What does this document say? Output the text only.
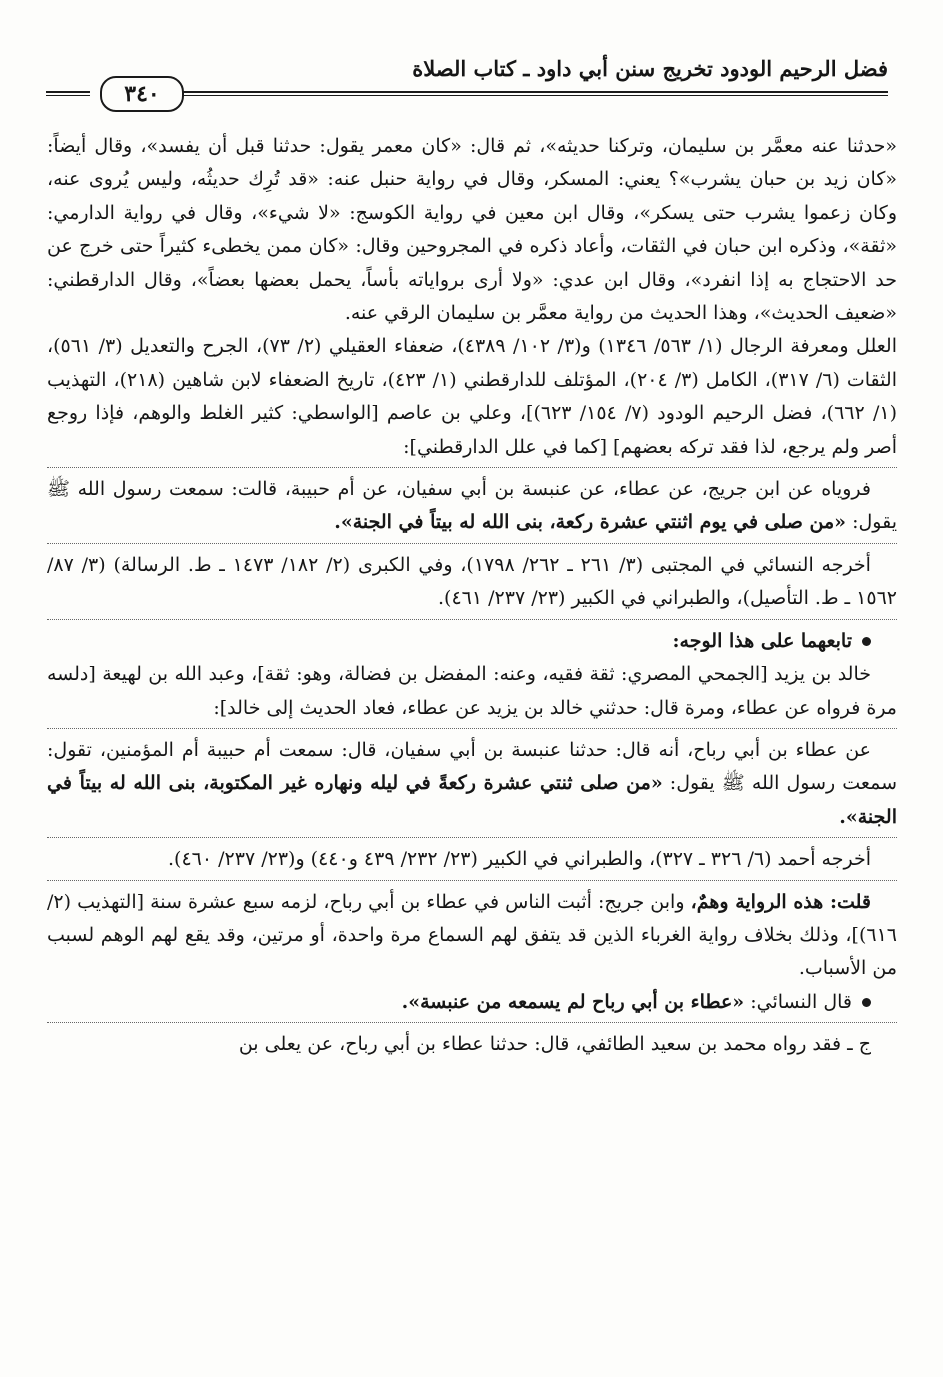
فضل الرحيم الودود تخريج سنن أبي داود ـ كتاب الصلاة
٣٤٠

«حدثنا عنه معمَّر بن سليمان، وتركنا حديثه»، ثم قال: «كان معمر يقول: حدثنا قبل أن يفسد»، وقال أيضاً: «كان زيد بن حبان يشرب»؟ يعني: المسكر، وقال في رواية حنبل عنه: «قد تُرِك حديثُه، وليس يُروى عنه، وكان زعموا يشرب حتى يسكر»، وقال ابن معين في رواية الكوسج: «لا شيء»، وقال في رواية الدارمي: «ثقة»، وذكره ابن حبان في الثقات، وأعاد ذكره في المجروحين وقال: «كان ممن يخطىء كثيراً حتى خرج عن حد الاحتجاج به إذا انفرد»، وقال ابن عدي: «ولا أرى برواياته بأساً، يحمل بعضها بعضاً»، وقال الدارقطني: «ضعيف الحديث»، وهذا الحديث من رواية معمَّر بن سليمان الرقي عنه.

العلل ومعرفة الرجال (١/ ٥٦٣/ ١٣٤٦) و(٣/ ١٠٢/ ٤٣٨٩)، ضعفاء العقيلي (٢/ ٧٣)، الجرح والتعديل (٣/ ٥٦١)، الثقات (٦/ ٣١٧)، الكامل (٣/ ٢٠٤)، المؤتلف للدارقطني (١/ ٤٢٣)، تاريخ الضعفاء لابن شاهين (٢١٨)، التهذيب (١/ ٦٦٢)، فضل الرحيم الودود (٧/ ١٥٤/ ٦٢٣)]، وعلي بن عاصم [الواسطي: كثير الغلط والوهم، فإذا روجع أصر ولم يرجع، لذا فقد تركه بعضهم] [كما في علل الدارقطني]:

فروياه عن ابن جريج، عن عطاء، عن عنبسة بن أبي سفيان، عن أم حبيبة، قالت: سمعت رسول الله ﷺ يقول: «من صلى في يوم اثنتي عشرة ركعة، بنى الله له بيتاً في الجنة».

أخرجه النسائي في المجتبى (٣/ ٢٦١ ـ ٢٦٢/ ١٧٩٨)، وفي الكبرى (٢/ ١٨٢/ ١٤٧٣ ـ ط. الرسالة) (٣/ ٨٧/ ١٥٦٢ ـ ط. التأصيل)، والطبراني في الكبير (٢٣/ ٢٣٧/ ٤٦١).

تابعهما على هذا الوجه:

خالد بن يزيد [الجمحي المصري: ثقة فقيه، وعنه: المفضل بن فضالة، وهو: ثقة]، وعبد الله بن لهيعة [دلسه مرة فرواه عن عطاء، ومرة قال: حدثني خالد بن يزيد عن عطاء، فعاد الحديث إلى خالد]:

عن عطاء بن أبي رباح، أنه قال: حدثنا عنبسة بن أبي سفيان، قال: سمعت أم حبيبة أم المؤمنين، تقول: سمعت رسول الله ﷺ يقول: «من صلى ثنتي عشرة ركعةً في ليله ونهاره غير المكتوبة، بنى الله له بيتاً في الجنة».

أخرجه أحمد (٦/ ٣٢٦ ـ ٣٢٧)، والطبراني في الكبير (٢٣/ ٢٣٢/ ٤٣٩ و٤٤٠) و(٢٣/ ٢٣٧/ ٤٦٠).

قلت: هذه الرواية وهمٌ، وابن جريج: أثبت الناس في عطاء بن أبي رباح، لزمه سبع عشرة سنة [التهذيب (٢/ ٦١٦)]، وذلك بخلاف رواية الغرباء الذين قد يتفق لهم السماع مرة واحدة، أو مرتين، وقد يقع لهم الوهم لسبب من الأسباب.

قال النسائي: «عطاء بن أبي رباح لم يسمعه من عنبسة».

ج ـ فقد رواه محمد بن سعيد الطائفي، قال: حدثنا عطاء بن أبي رباح، عن يعلى بن
